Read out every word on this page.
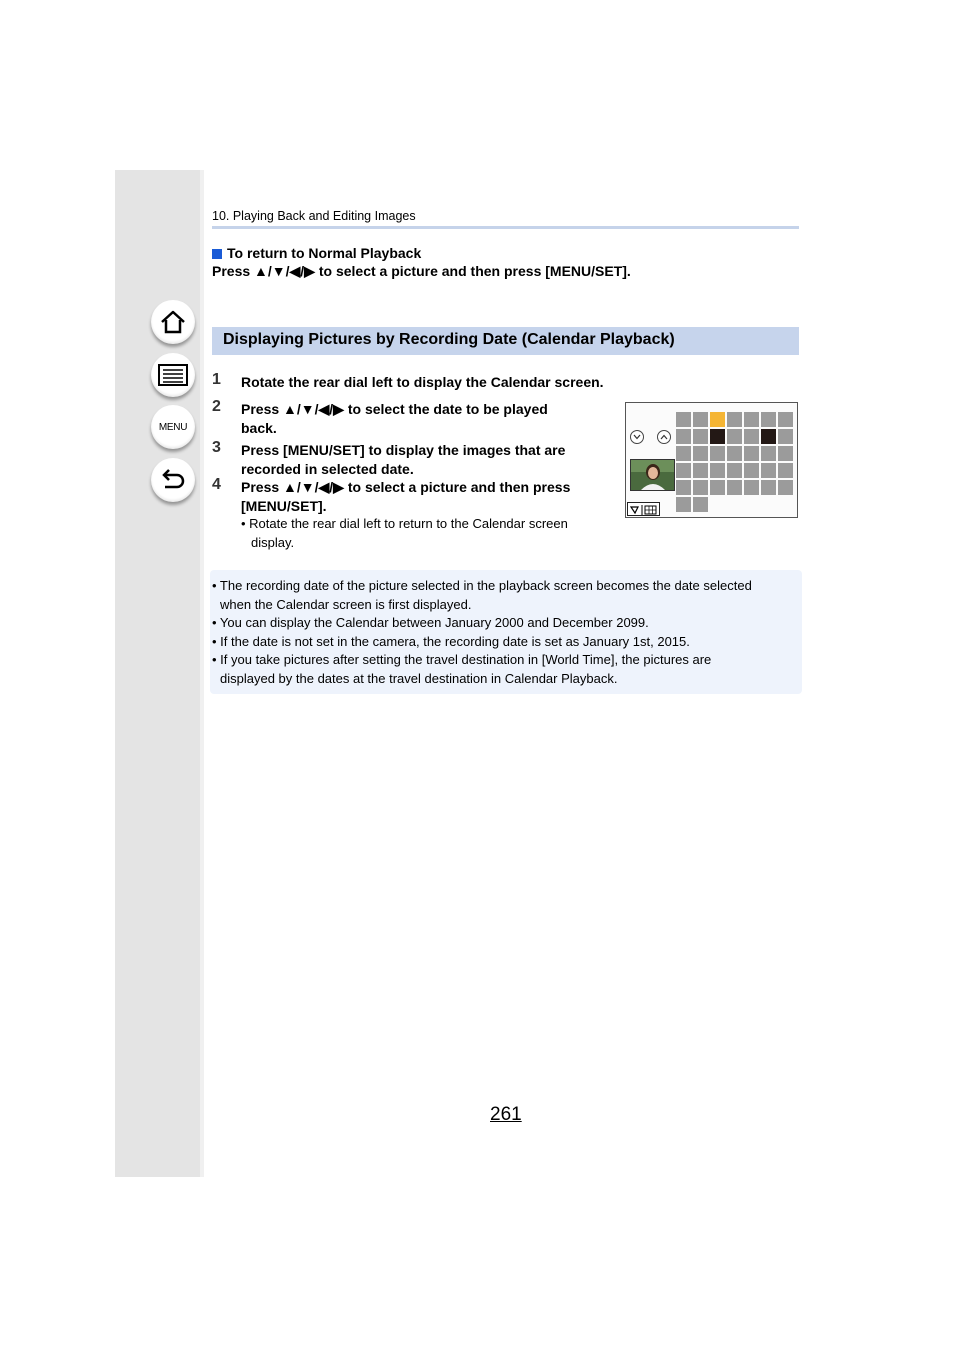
MENU
10. Playing Back and Editing Images
To return to Normal Playback
Press ▲/▼/◀/▶ to select a picture and then press [MENU/SET].
Displaying Pictures by Recording Date (Calendar Playback)
1 Rotate the rear dial left to display the Calendar screen.
2 Press ▲/▼/◀/▶ to select the date to be played
back.
3 Press [MENU/SET] to display the images that are
recorded in selected date.
4 Press ▲/▼/◀/▶ to select a picture and then press
[MENU/SET].
• Rotate the rear dial left to return to the Calendar screen
display.
• The recording date of the picture selected in the playback screen becomes the date selected
when the Calendar screen is first displayed.
• You can display the Calendar between January 2000 and December 2099.
• If the date is not set in the camera, the recording date is set as January 1st, 2015.
• If you take pictures after setting the travel destination in [World Time], the pictures are
displayed by the dates at the travel destination in Calendar Playback.
261
